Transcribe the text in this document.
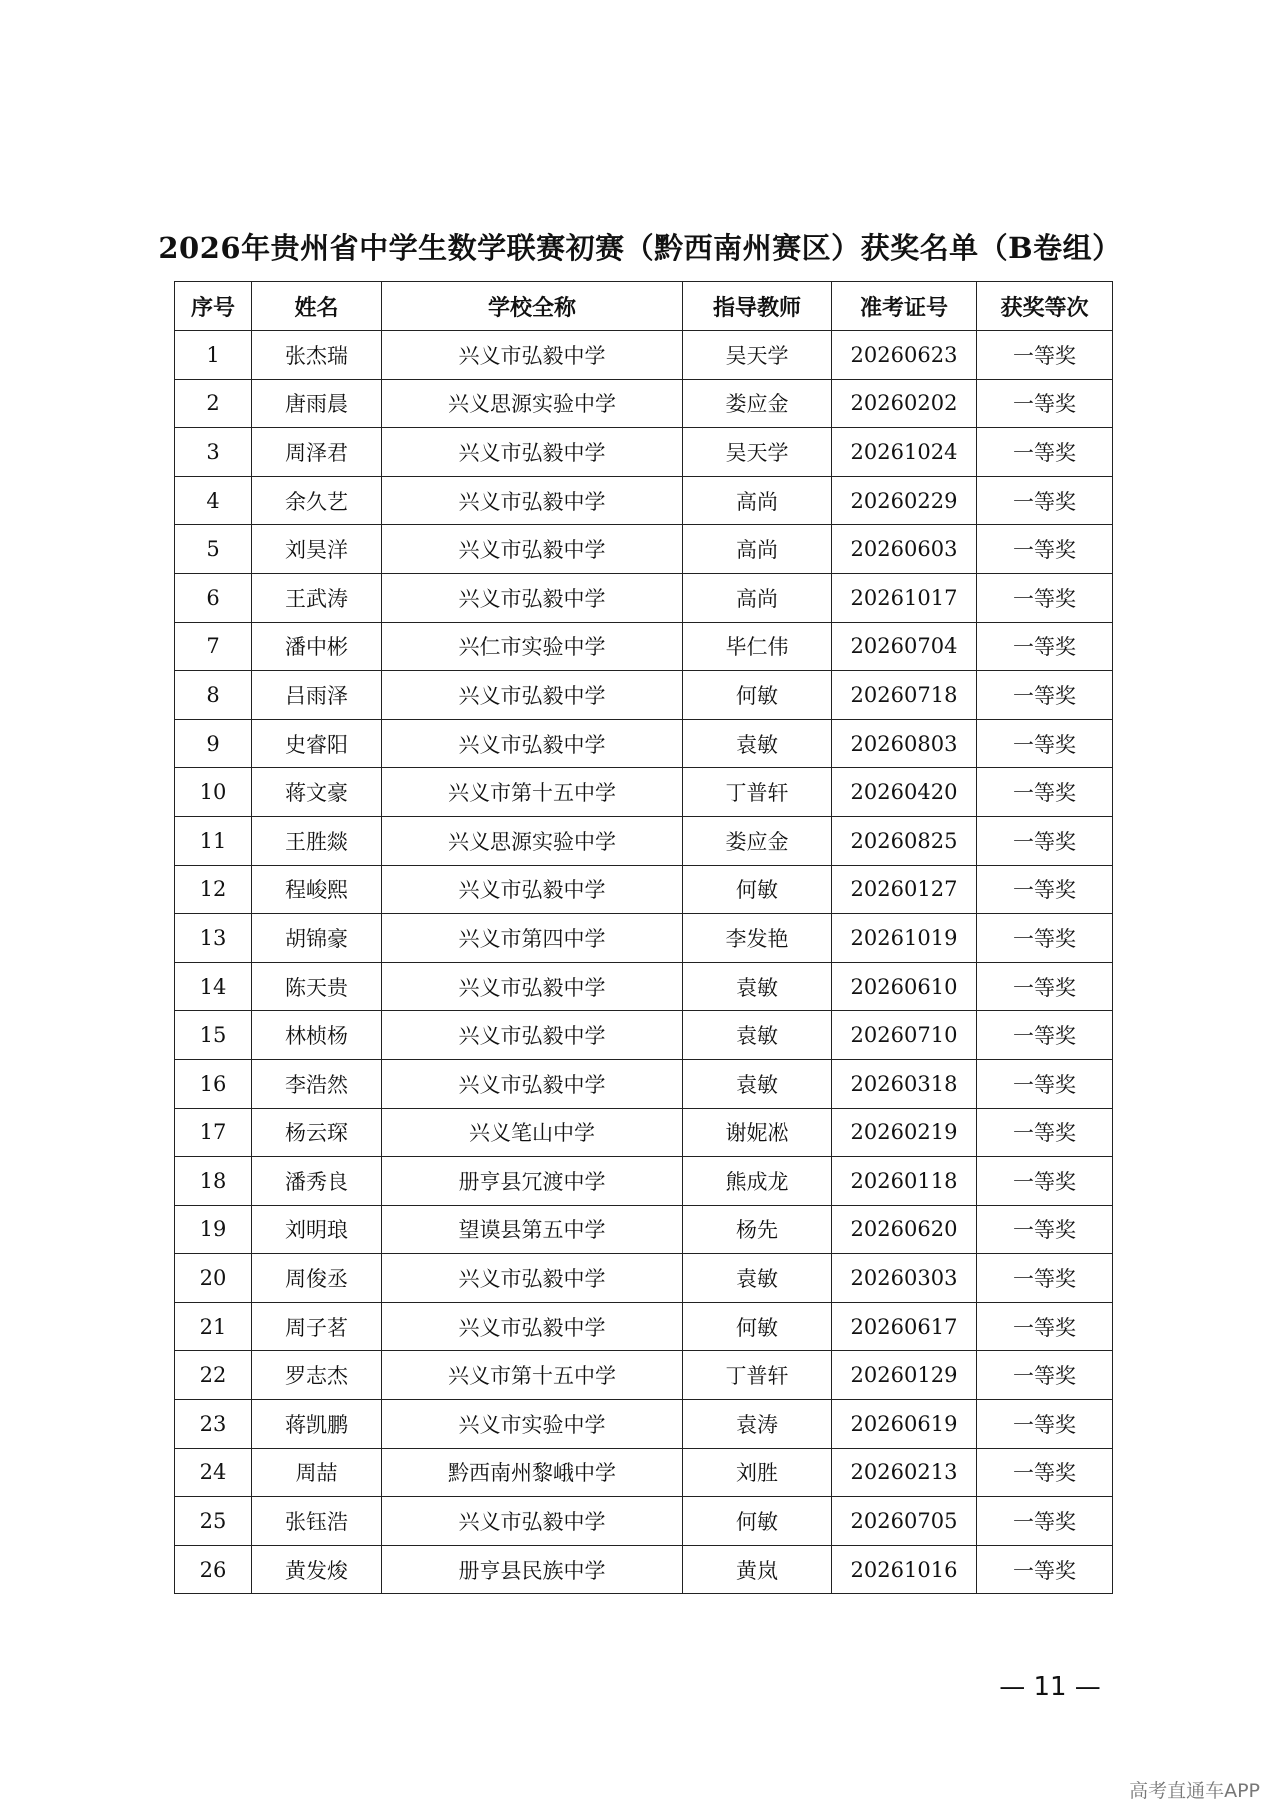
2026年贵州省中学生数学联赛初赛（黔西南州赛区）获奖名单（B卷组）
序号	姓名	学校全称	指导教师	准考证号	获奖等次
1	张杰瑞	兴义市弘毅中学	吴天学	20260623	一等奖
2	唐雨晨	兴义思源实验中学	娄应金	20260202	一等奖
3	周泽君	兴义市弘毅中学	吴天学	20261024	一等奖
4	余久艺	兴义市弘毅中学	高尚	20260229	一等奖
5	刘昊洋	兴义市弘毅中学	高尚	20260603	一等奖
6	王武涛	兴义市弘毅中学	高尚	20261017	一等奖
7	潘中彬	兴仁市实验中学	毕仁伟	20260704	一等奖
8	吕雨泽	兴义市弘毅中学	何敏	20260718	一等奖
9	史睿阳	兴义市弘毅中学	袁敏	20260803	一等奖
10	蒋文豪	兴义市第十五中学	丁普轩	20260420	一等奖
11	王胜燚	兴义思源实验中学	娄应金	20260825	一等奖
12	程峻熙	兴义市弘毅中学	何敏	20260127	一等奖
13	胡锦豪	兴义市第四中学	李发艳	20261019	一等奖
14	陈天贵	兴义市弘毅中学	袁敏	20260610	一等奖
15	林桢杨	兴义市弘毅中学	袁敏	20260710	一等奖
16	李浩然	兴义市弘毅中学	袁敏	20260318	一等奖
17	杨云琛	兴义笔山中学	谢妮凇	20260219	一等奖
18	潘秀良	册亨县冗渡中学	熊成龙	20260118	一等奖
19	刘明琅	望谟县第五中学	杨先	20260620	一等奖
20	周俊丞	兴义市弘毅中学	袁敏	20260303	一等奖
21	周子茗	兴义市弘毅中学	何敏	20260617	一等奖
22	罗志杰	兴义市第十五中学	丁普轩	20260129	一等奖
23	蒋凯鹏	兴义市实验中学	袁涛	20260619	一等奖
24	周喆	黔西南州黎峨中学	刘胜	20260213	一等奖
25	张钰浩	兴义市弘毅中学	何敏	20260705	一等奖
26	黄发焌	册亨县民族中学	黄岚	20261016	一等奖
— 11 —
高考直通车APP
